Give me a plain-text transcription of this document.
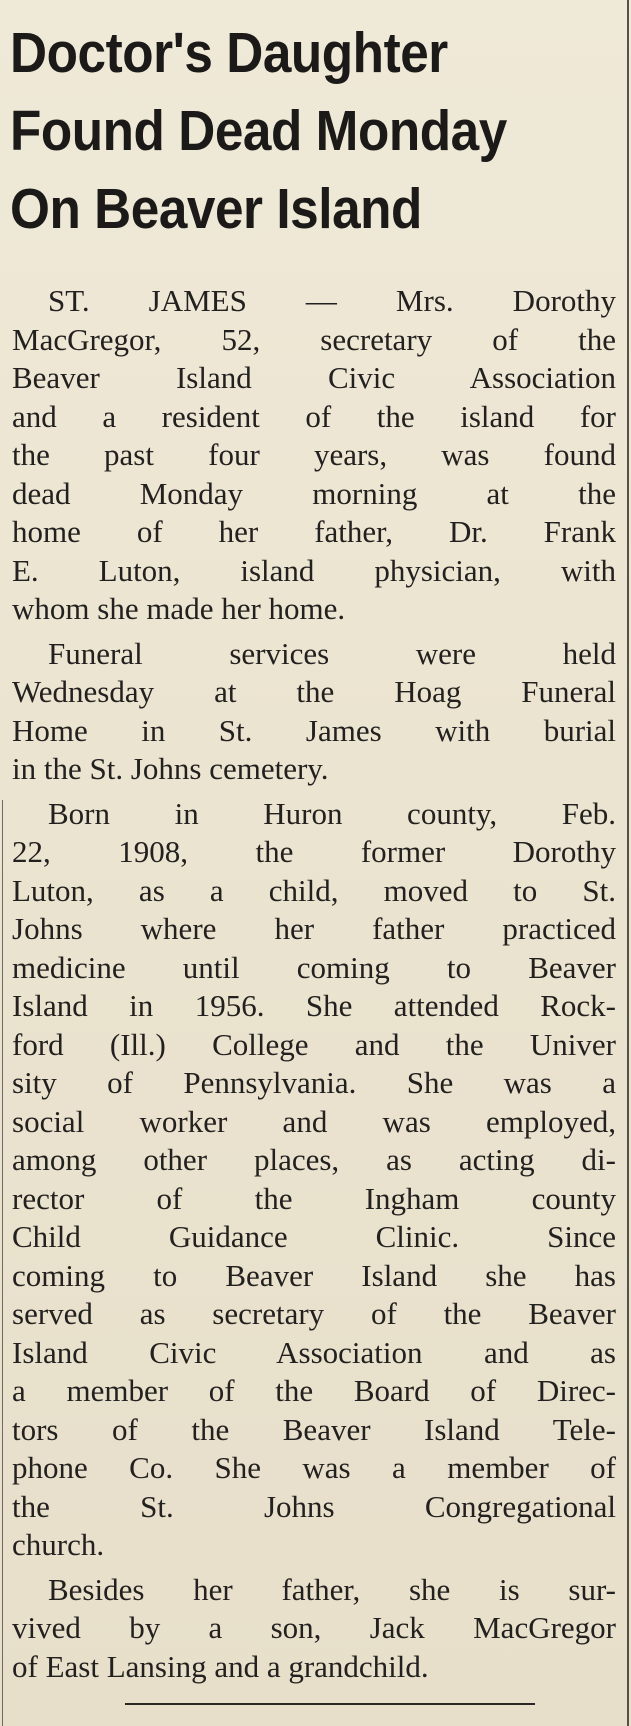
Doctor's Daughter
Found Dead Monday
On Beaver Island
ST. JAMES — Mrs. Dorothy
MacGregor, 52, secretary of the
Beaver Island Civic Association
and a resident of the island for
the past four years, was found
dead Monday morning at the
home of her father, Dr. Frank
E. Luton, island physician, with
whom she made her home.
Funeral services were held
Wednesday at the Hoag Funeral
Home in St. James with burial
in the St. Johns cemetery.
Born in Huron county, Feb.
22, 1908, the former Dorothy
Luton, as a child, moved to St.
Johns where her father practiced
medicine until coming to Beaver
Island in 1956. She attended Rock-
ford (Ill.) College and the Univer
sity of Pennsylvania. She was a
social worker and was employed,
among other places, as acting di-
rector of the Ingham county
Child Guidance Clinic. Since
coming to Beaver Island she has
served as secretary of the Beaver
Island Civic Association and as
a member of the Board of Direc-
tors of the Beaver Island Tele-
phone Co. She was a member of
the St. Johns Congregational
church.
Besides her father, she is sur-
vived by a son, Jack MacGregor
of East Lansing and a grandchild.
